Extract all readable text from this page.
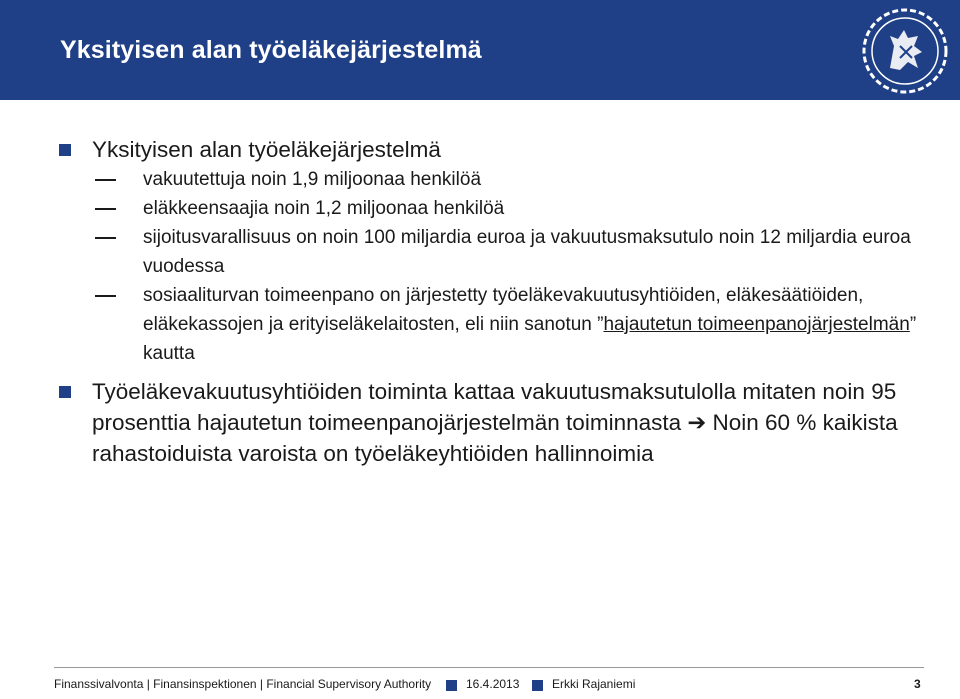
Yksityisen alan työeläkejärjestelmä
Yksityisen alan työeläkejärjestelmä
vakuutettuja noin 1,9 miljoonaa henkilöä
eläkkeensaajia noin 1,2 miljoonaa henkilöä
sijoitusvarallisuus on noin 100 miljardia euroa ja vakuutusmaksutulo noin 12 miljardia euroa vuodessa
sosiaaliturvan toimeenpano on järjestetty työeläkevakuutusyhtiöiden, eläkesäätiöiden, eläkekassojen ja erityiseläkelaitosten, eli niin sanotun ”hajautetun toimeenpanojärjestelmän” kautta
Työeläkevakuutusyhtiöiden toiminta kattaa vakuutusmaksutulolla mitaten noin 95 prosenttia hajautetun toimeenpanojärjestelmän toiminnasta ➔ Noin 60 % kaikista rahastoiduista varoista on työeläkeyhtiöiden hallinnoimia
Finanssivalvonta | Finansinspektionen | Financial Supervisory Authority	16.4.2013	Erkki Rajaniemi	3
